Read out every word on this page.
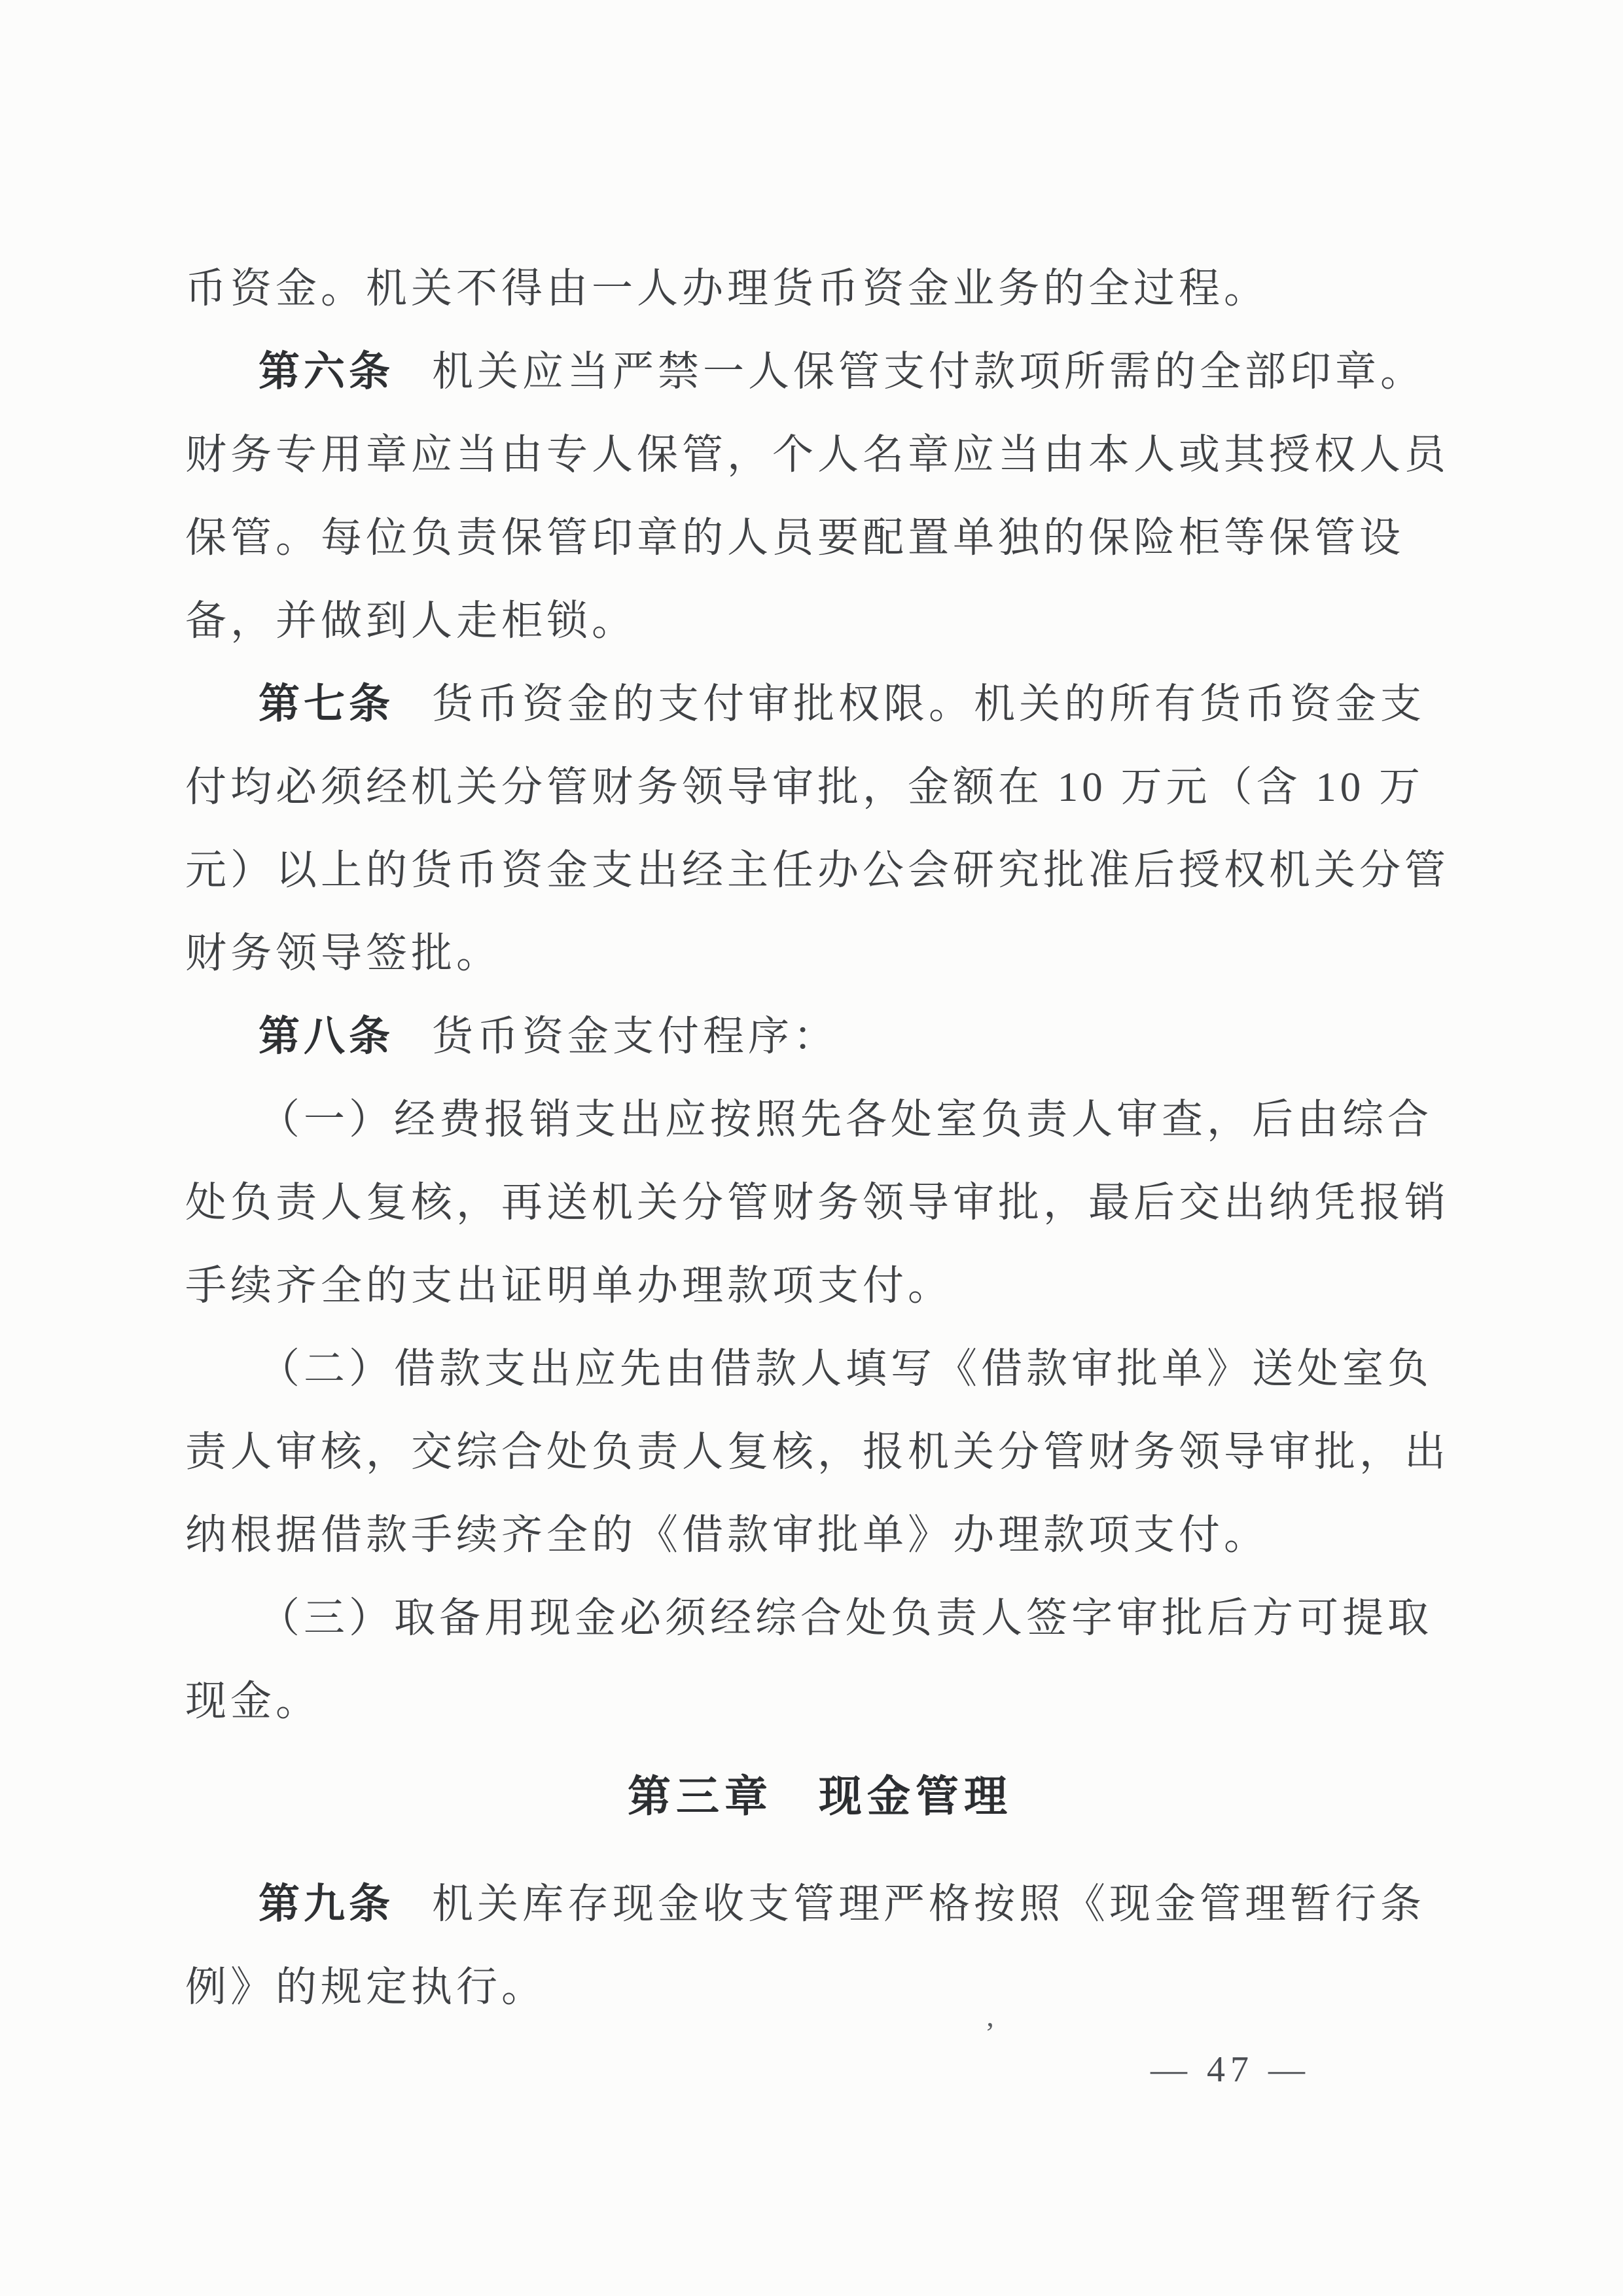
币资金。机关不得由一人办理货币资金业务的全过程。
第六条 机关应当严禁一人保管支付款项所需的全部印章。
财务专用章应当由专人保管，个人名章应当由本人或其授权人员
保管。每位负责保管印章的人员要配置单独的保险柜等保管设
备，并做到人走柜锁。
第七条 货币资金的支付审批权限。机关的所有货币资金支
付均必须经机关分管财务领导审批，金额在 10 万元（含 10 万
元）以上的货币资金支出经主任办公会研究批准后授权机关分管
财务领导签批。
第八条 货币资金支付程序：
（一）经费报销支出应按照先各处室负责人审查，后由综合
处负责人复核，再送机关分管财务领导审批，最后交出纳凭报销
手续齐全的支出证明单办理款项支付。
（二）借款支出应先由借款人填写《借款审批单》送处室负
责人审核，交综合处负责人复核，报机关分管财务领导审批，出
纳根据借款手续齐全的《借款审批单》办理款项支付。
（三）取备用现金必须经综合处负责人签字审批后方可提取
现金。
第三章 现金管理
第九条 机关库存现金收支管理严格按照《现金管理暂行条
例》的规定执行。
’
— 47 —
